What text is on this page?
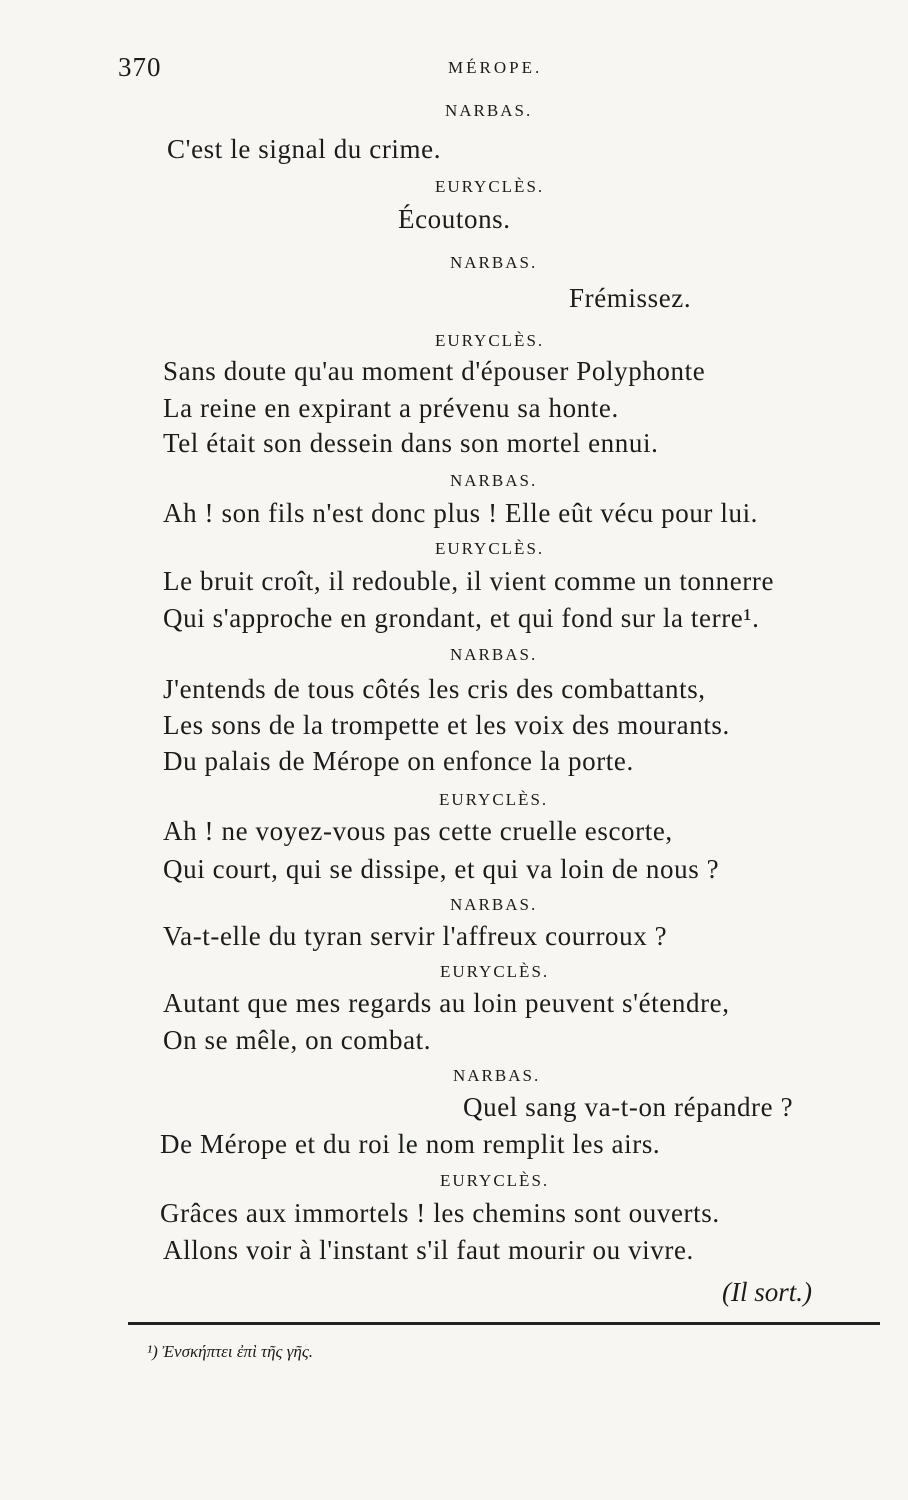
370	MÉROPE.
NARBAS.
C'est le signal du crime.
EURYCLÈS.
Écoutons.
NARBAS.
Frémissez.
EURYCLÈS.
Sans doute qu'au moment d'épouser Polyphonte
La reine en expirant a prévenu sa honte.
Tel était son dessein dans son mortel ennui.
NARBAS.
Ah ! son fils n'est donc plus ! Elle eût vécu pour lui.
EURYCLÈS.
Le bruit croît, il redouble, il vient comme un tonnerre
Qui s'approche en grondant, et qui fond sur la terre¹.
NARBAS.
J'entends de tous côtés les cris des combattants,
Les sons de la trompette et les voix des mourants.
Du palais de Mérope on enfonce la porte.
EURYCLÈS.
Ah ! ne voyez-vous pas cette cruelle escorte,
Qui court, qui se dissipe, et qui va loin de nous ?
NARBAS.
Va-t-elle du tyran servir l'affreux courroux ?
EURYCLÈS.
Autant que mes regards au loin peuvent s'étendre,
On se mêle, on combat.
NARBAS.
Quel sang va-t-on répandre ?
De Mérope et du roi le nom remplit les airs.
EURYCLÈS.
Grâces aux immortels ! les chemins sont ouverts.
Allons voir à l'instant s'il faut mourir ou vivre.
(Il sort.)
¹) Ἐνσκήπτει ἐπὶ τῆς γῆς.
